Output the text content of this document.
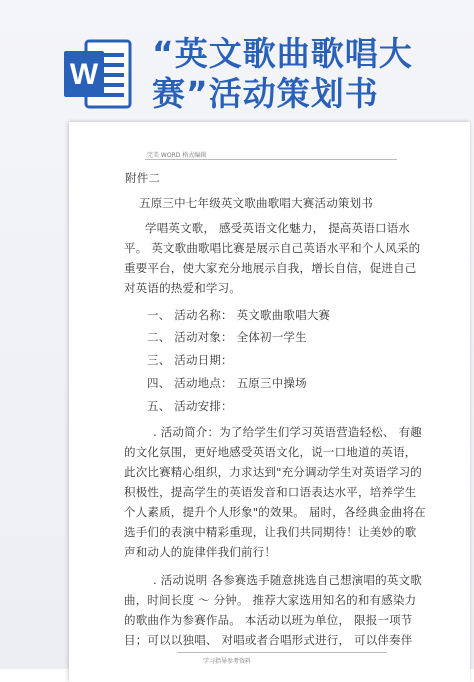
W
“英文歌曲歌唱大
赛”活动策划书
完美 WORD 格式编辑
附件二
五原三中七年级英文歌曲歌唱大赛活动策划书
学唱英文歌， 感受英语文化魅力， 提高英语口语水
平。 英文歌曲歌唱比赛是展示自己英语水平和个人风采的
重要平台，使大家充分地展示自我，增长自信，促进自己
对英语的热爱和学习。
一、 活动名称： 英文歌曲歌唱大赛
二、 活动对象： 全体初一学生
三、 活动日期：
四、 活动地点： 五原三中操场
五、 活动安排：
. 活动简介：为了给学生们学习英语营造轻松、 有趣
的文化氛围，更好地感受英语文化，说一口地道的英语，
此次比赛精心组织，力求达到"充分调动学生对英语学习的
积极性，提高学生的英语发音和口语表达水平，培养学生
个人素质，提升个人形象"的效果。 届时，各经典金曲将在
选手们的表演中精彩重现，让我们共同期待！让美妙的歌
声和动人的旋律伴我们前行！
. 活动说明 各参赛选手随意挑选自己想演唱的英文歌
曲，时间长度 ～ 分钟。 推荐大家选用知名的和有感染力
的歌曲作为参赛作品。 本活动以班为单位， 限报一项节
目；可以以独唱、 对唱或者合唱形式进行， 可以伴奏伴
学习指导参考资料
